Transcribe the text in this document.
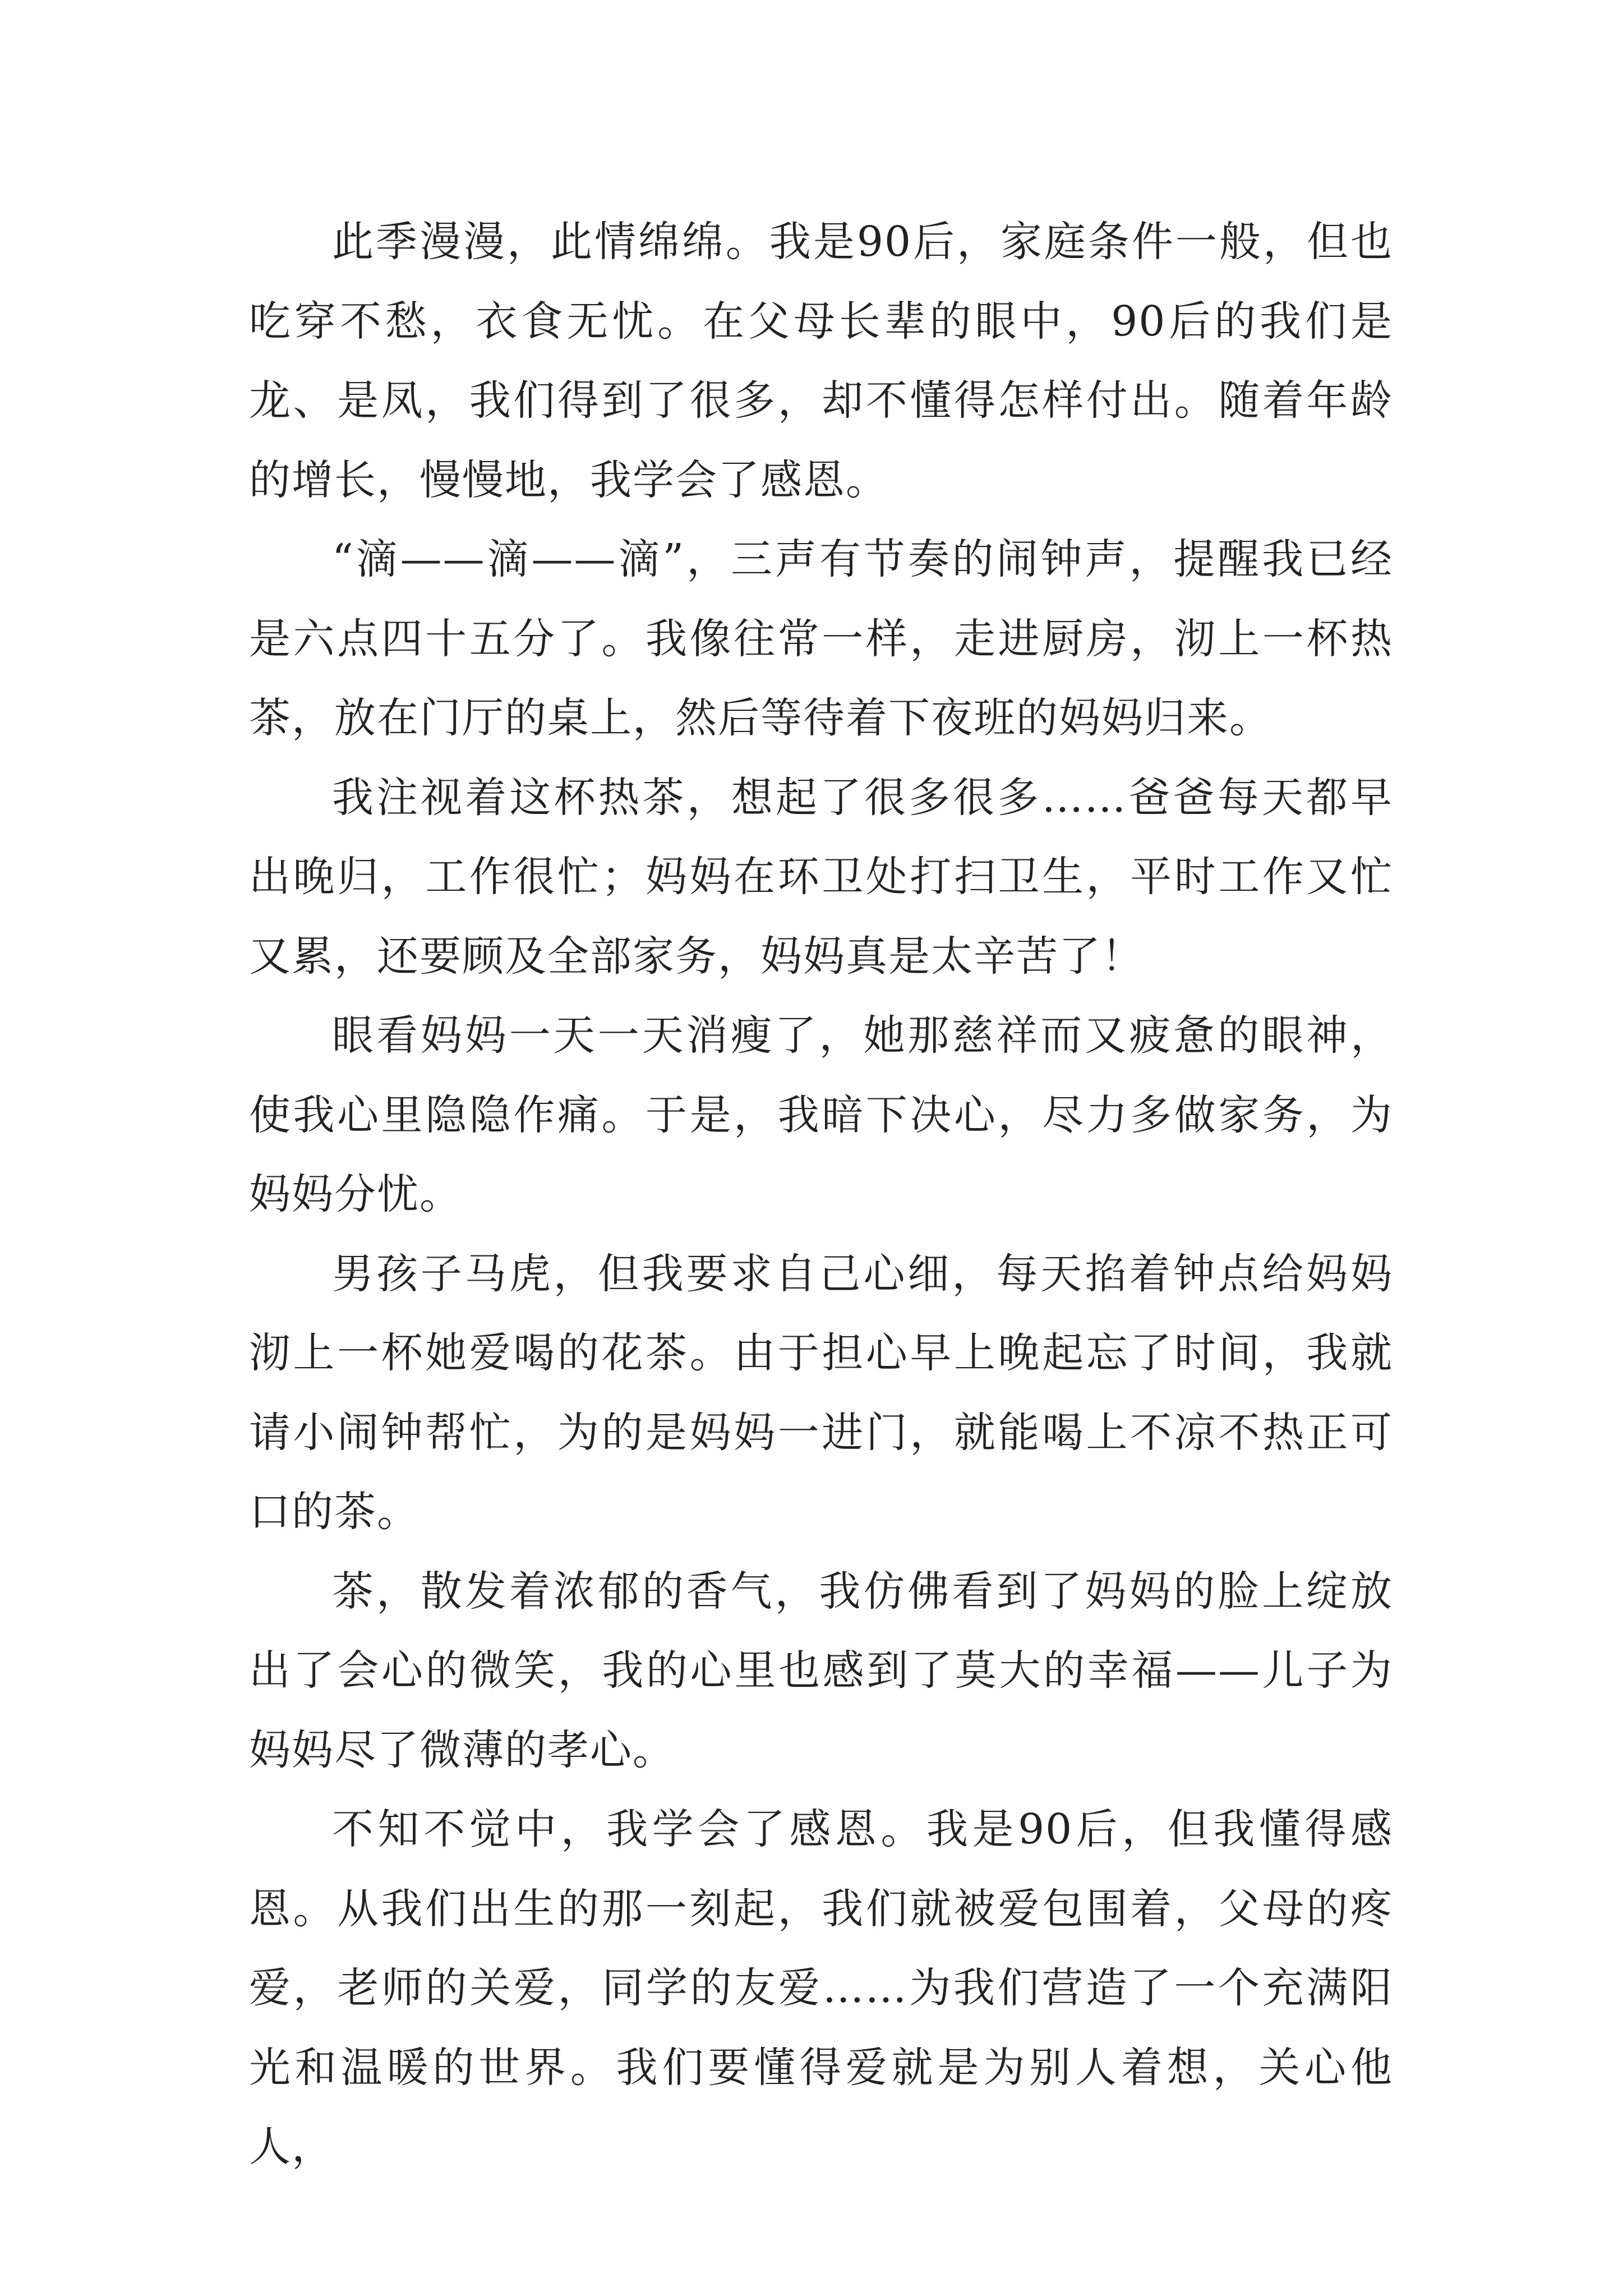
此季漫漫，此情绵绵。我是90后，家庭条件一般，但也吃穿不愁，衣食无忧。在父母长辈的眼中，90后的我们是龙、是凤，我们得到了很多，却不懂得怎样付出。随着年龄的增长，慢慢地，我学会了感恩。

“滴——滴——滴”，三声有节奏的闹钟声，提醒我已经是六点四十五分了。我像往常一样，走进厨房，沏上一杯热茶，放在门厅的桌上，然后等待着下夜班的妈妈归来。

我注视着这杯热茶，想起了很多很多……爸爸每天都早出晚归，工作很忙；妈妈在环卫处打扫卫生，平时工作又忙又累，还要顾及全部家务，妈妈真是太辛苦了！

眼看妈妈一天一天消瘦了，她那慈祥而又疲惫的眼神，使我心里隐隐作痛。于是，我暗下决心，尽力多做家务，为妈妈分忧。

男孩子马虎，但我要求自己心细，每天掐着钟点给妈妈沏上一杯她爱喝的花茶。由于担心早上晚起忘了时间，我就请小闹钟帮忙，为的是妈妈一进门，就能喝上不凉不热正可口的茶。

茶，散发着浓郁的香气，我仿佛看到了妈妈的脸上绽放出了会心的微笑，我的心里也感到了莫大的幸福——儿子为妈妈尽了微薄的孝心。

不知不觉中，我学会了感恩。我是90后，但我懂得感恩。从我们出生的那一刻起，我们就被爱包围着，父母的疼爱，老师的关爱，同学的友爱……为我们营造了一个充满阳光和温暖的世界。我们要懂得爱就是为别人着想，关心他人，
